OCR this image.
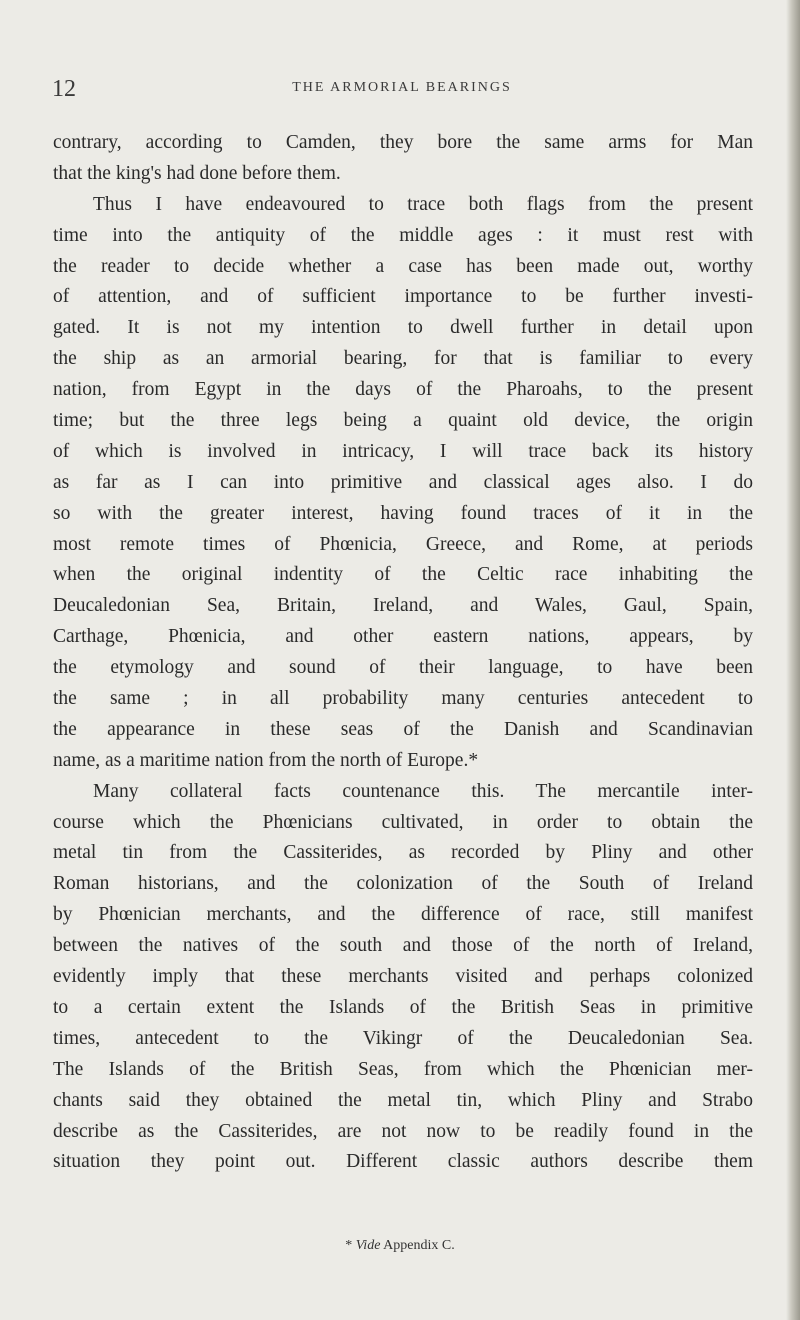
12	THE ARMORIAL BEARINGS
contrary, according to Camden, they bore the same arms for Man
that the king's had done before them.
Thus I have endeavoured to trace both flags from the present
time into the antiquity of the middle ages : it must rest with
the reader to decide whether a case has been made out, worthy
of attention, and of sufficient importance to be further investi-
gated. It is not my intention to dwell further in detail upon
the ship as an armorial bearing, for that is familiar to every
nation, from Egypt in the days of the Pharoahs, to the present
time; but the three legs being a quaint old device, the origin
of which is involved in intricacy, I will trace back its history
as far as I can into primitive and classical ages also. I do
so with the greater interest, having found traces of it in the
most remote times of Phœnicia, Greece, and Rome, at periods
when the original indentity of the Celtic race inhabiting the
Deucaledonian Sea, Britain, Ireland, and Wales, Gaul, Spain,
Carthage, Phœnicia, and other eastern nations, appears, by
the etymology and sound of their language, to have been
the same ; in all probability many centuries antecedent to
the appearance in these seas of the Danish and Scandinavian
name, as a maritime nation from the north of Europe.*
Many collateral facts countenance this. The mercantile inter-
course which the Phœnicians cultivated, in order to obtain the
metal tin from the Cassiterides, as recorded by Pliny and other
Roman historians, and the colonization of the South of Ireland
by Phœnician merchants, and the difference of race, still manifest
between the natives of the south and those of the north of Ireland,
evidently imply that these merchants visited and perhaps colonized
to a certain extent the Islands of the British Seas in primitive
times, antecedent to the Vikingr of the Deucaledonian Sea.
The Islands of the British Seas, from which the Phœnician mer-
chants said they obtained the metal tin, which Pliny and Strabo
describe as the Cassiterides, are not now to be readily found in the
situation they point out. Different classic authors describe them
* Vide Appendix C.
